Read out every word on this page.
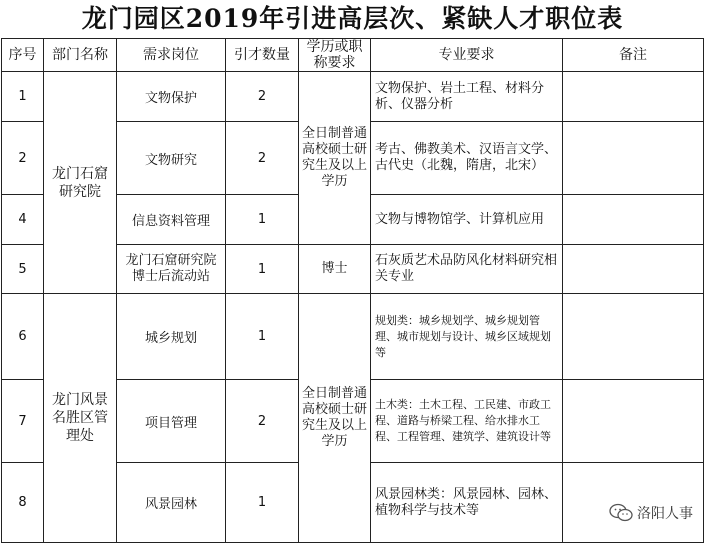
龙门园区2019年引进高层次、紧缺人才职位表
序号	部门名称	需求岗位	引才数量	学历或职称要求	专业要求	备注
1	龙门石窟研究院	文物保护	2	全日制普通高校硕士研究生及以上学历	文物保护、岩土工程、材料分析、仪器分析	
2		文物研究	2		考古、佛教美术、汉语言文学、古代史（北魏，隋唐，北宋）	
4		信息资料管理	1		文物与博物馆学、计算机应用	
5		龙门石窟研究院博士后流动站	1	博士	石灰质艺术品防风化材料研究相关专业	
6	龙门风景名胜区管理处	城乡规划	1	全日制普通高校硕士研究生及以上学历	规划类：城乡规划学、城乡规划管理、城市规划与设计、城乡区域规划等	
7		项目管理	2		土木类：土木工程、工民建、市政工程、道路与桥梁工程、给水排水工程、工程管理、建筑学、建筑设计等	
8		风景园林	1		风景园林类：风景园林、园林、植物科学与技术等		洛阳人事
